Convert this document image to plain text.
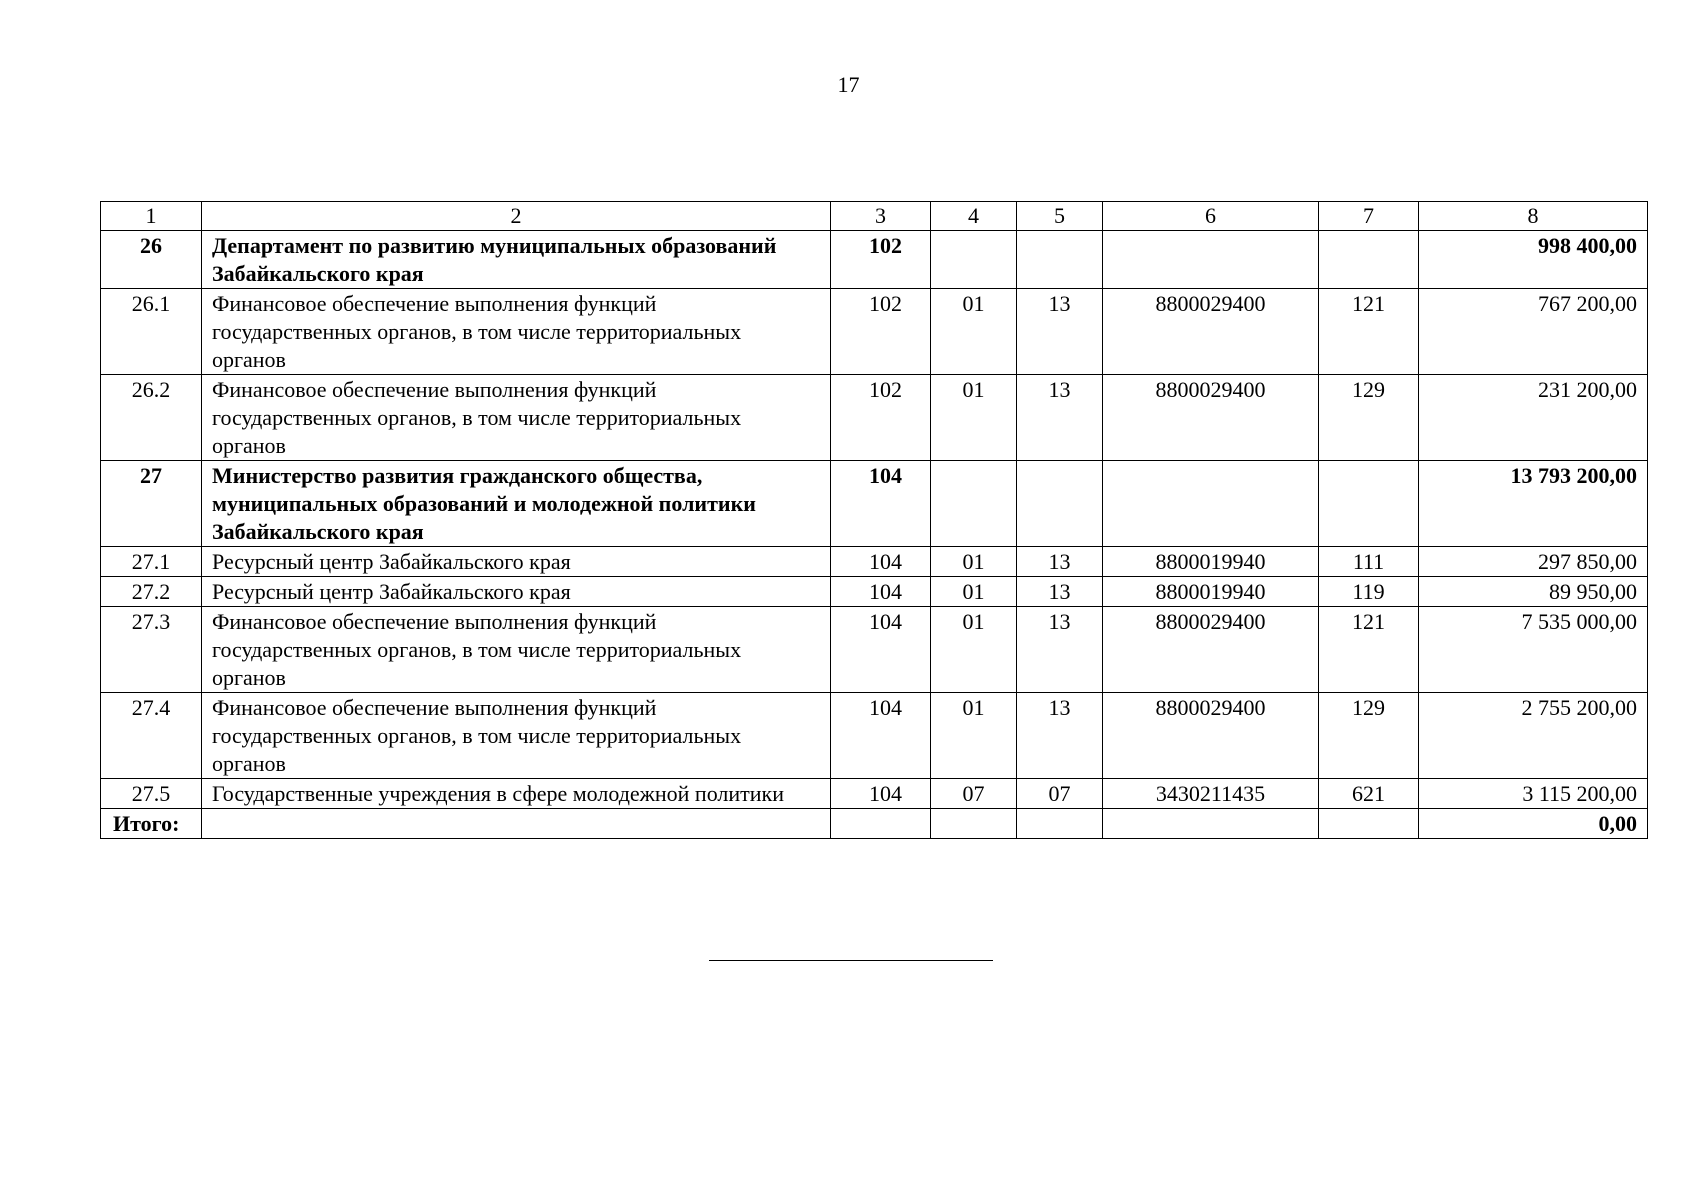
17
1	2	3	4	5	6	7	8
26	Департамент по развитию муниципальных образований Забайкальского края	102					998 400,00
26.1	Финансовое обеспечение выполнения функций государственных органов, в том числе территориальных органов	102	01	13	8800029400	121	767 200,00
26.2	Финансовое обеспечение выполнения функций государственных органов, в том числе территориальных органов	102	01	13	8800029400	129	231 200,00
27	Министерство развития гражданского общества, муниципальных образований и молодежной политики Забайкальского края	104					13 793 200,00
27.1	Ресурсный центр Забайкальского края	104	01	13	8800019940	111	297 850,00
27.2	Ресурсный центр Забайкальского края	104	01	13	8800019940	119	89 950,00
27.3	Финансовое обеспечение выполнения функций государственных органов, в том числе территориальных органов	104	01	13	8800029400	121	7 535 000,00
27.4	Финансовое обеспечение выполнения функций государственных органов, в том числе территориальных органов	104	01	13	8800029400	129	2 755 200,00
27.5	Государственные учреждения в сфере молодежной политики	104	07	07	3430211435	621	3 115 200,00
Итого:							0,00
